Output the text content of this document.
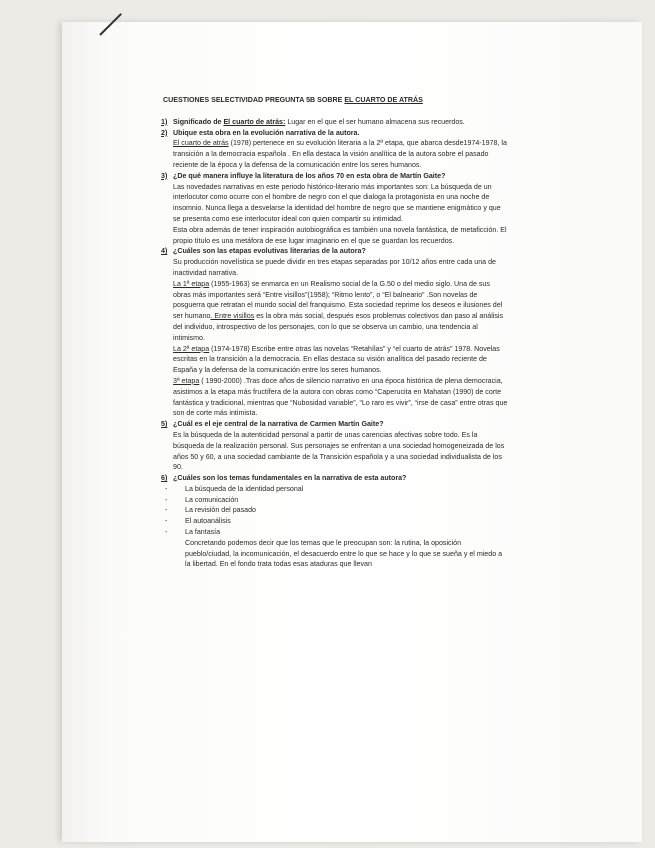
CUESTIONES SELECTIVIDAD PREGUNTA 5B SOBRE EL CUARTO DE ATRÁS
1) Significado de El cuarto de atrás: Lugar en el que el ser humano almacena sus recuerdos.
2) Ubique esta obra en la evolución narrativa de la autora.
El cuarto de atrás (1978) pertenece en su evolución literaria a la 2ª etapa, que abarca desde1974-1978, la transición a la democracia española . En ella destaca la visión analítica de la autora sobre el pasado reciente de la época y la defensa de la comunicación entre los seres humanos.
3) ¿De qué manera influye la literatura de los años 70 en esta obra de Martín Gaite?
Las novedades narrativas en este periodo histórico-literario más importantes son: La búsqueda de un interlocutor como ocurre con el hombre de negro con el que dialoga la protagonista en una noche de insomnio. Nunca llega a desvelarse la identidad del hombre de negro que se mantiene enigmático y que se presenta como ese interlocutor ideal con quien compartir su intimidad.
Esta obra además de tener inspiración autobiográfica es también una novela fantástica, de metaficción. El propio título es una metáfora de ese lugar imaginario en el que se guardan los recuerdos.
4) ¿Cuáles son las etapas evolutivas literarias de la autora?
Su producción novelística se puede dividir en tres etapas separadas por 10/12 años entre cada una de inactividad narrativa.
La 1ª etapa (1955-1963) se enmarca en un Realismo social de la G.50 o del medio siglo. Una de sus obras más importantes será “Entre visillos”(1958); “Ritmo lento”, o “El balneario” .Son novelas de posguerra que retratan el mundo social del franquismo. Esta sociedad reprime los deseos e ilusiones del ser humano. Entre visillos es la obra más social, después esos problemas colectivos dan paso al análisis del individuo, introspectivo de los personajes, con lo que se observa un cambio, una tendencia al intimismo.
La 2ª etapa (1974-1978) Escribe entre otras las novelas “Retahílas” y “el cuarto de atrás” 1978. Novelas escritas en la transición a la democracia. En ellas destaca su visión analítica del pasado reciente de España y la defensa de la comunicación entre los seres humanos.
3ª etapa ( 1990-2000) .Tras doce años de silencio narrativo en una época histórica de plena democracia, asistimos a la etapa más fructífera de la autora con obras como “Caperucita en Mahatan (1990) de corte fantástica y tradicional, mientras que “Nubosidad variable”, “Lo raro es vivir”, “irse de casa” entre otras que son de corte más intimista.
5) ¿Cuál es el eje central de la narrativa de Carmen Martín Gaite?
Es la búsqueda de la autenticidad personal a partir de unas carencias afectivas sobre todo. Es la búsqueda de la realización personal. Sus personajes se enfrentan a una sociedad homogeneizada de los años 50 y 60, a una sociedad cambiante de la Transición española y a una sociedad individualista de los 90.
6) ¿Cuáles son los temas fundamentales en la narrativa de esta autora?
- La búsqueda de la identidad personal
- La comunicación
- La revisión del pasado
- El autoanálisis
- La fantasía
Concretando podemos decir que los temas que le preocupan son: la rutina, la oposición pueblo/ciudad, la incomunicación, el desacuerdo entre lo que se hace y lo que se sueña y el miedo a la libertad. En el fondo trata todas esas ataduras que llevan
